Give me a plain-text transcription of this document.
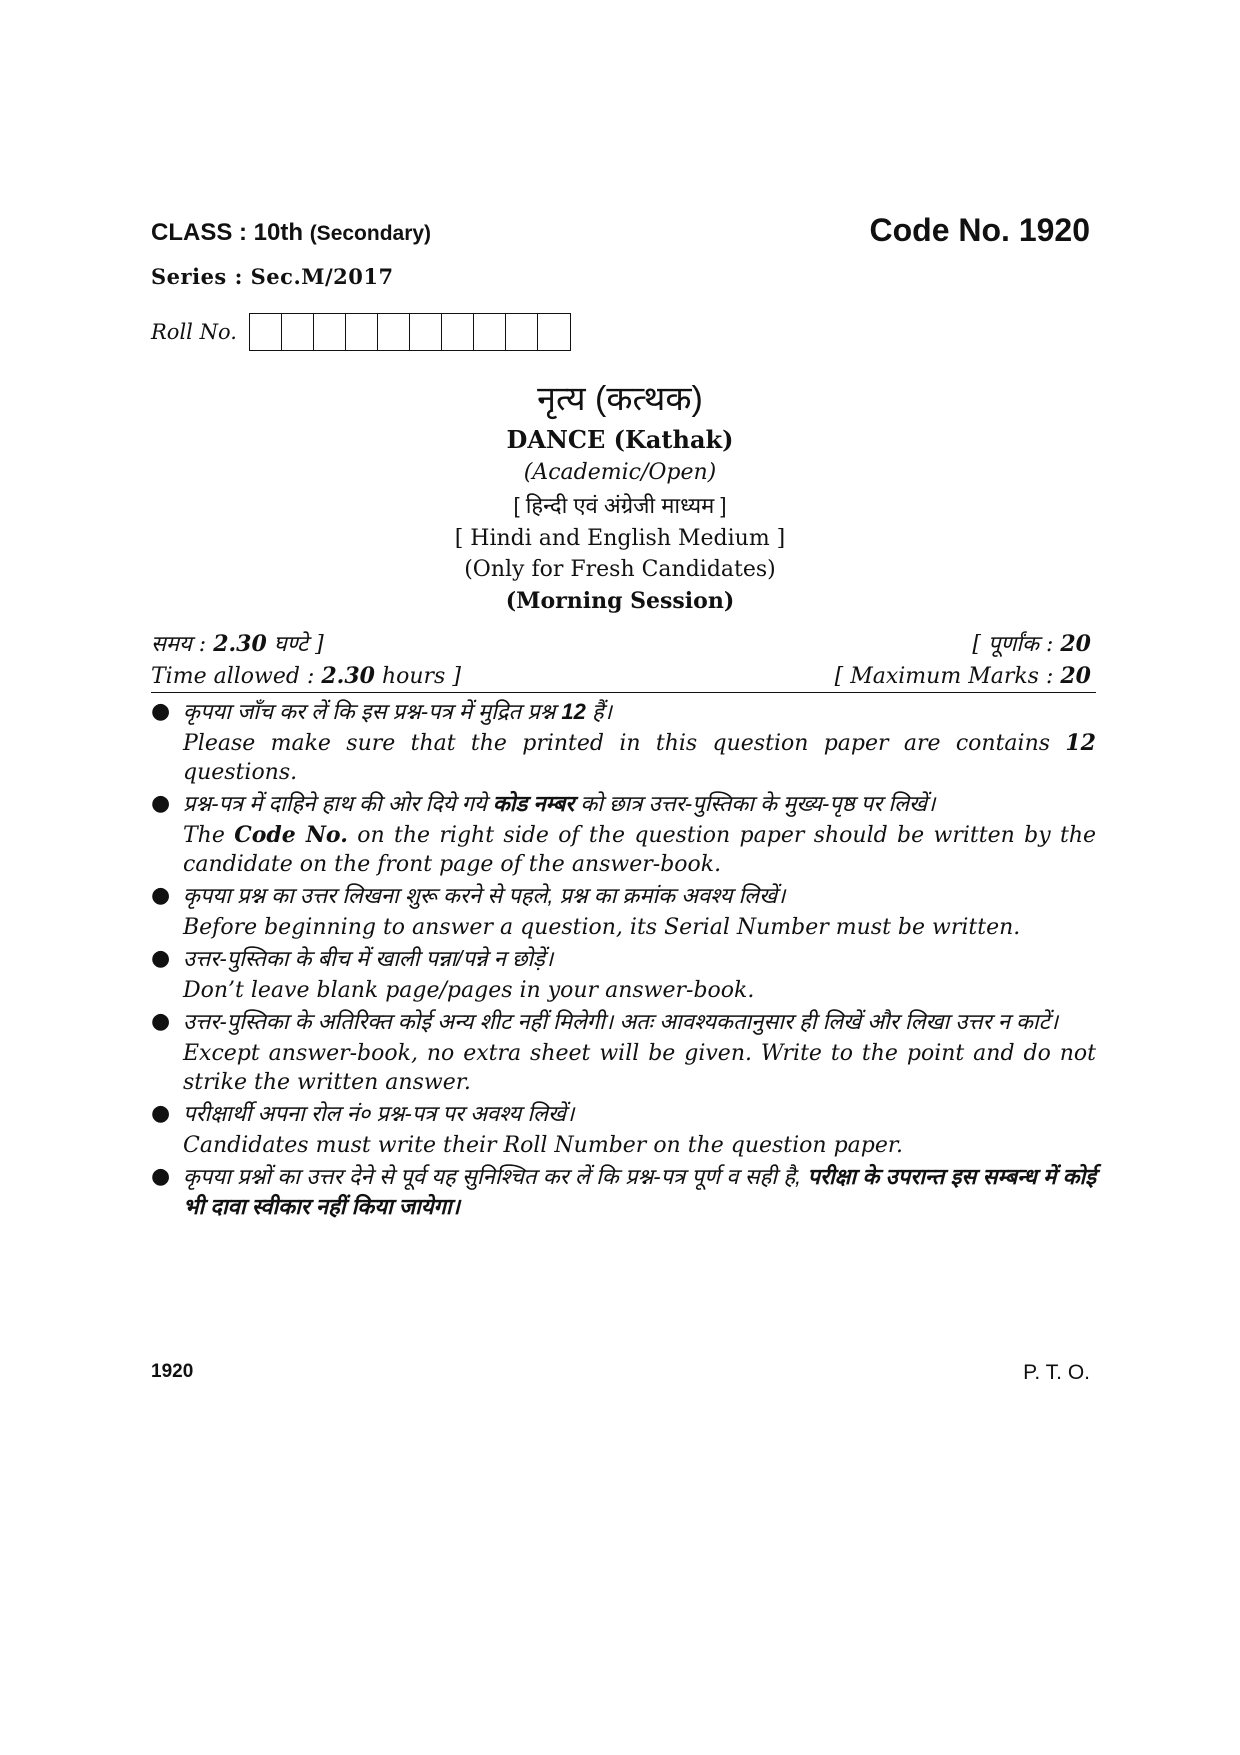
CLASS : 10th (Secondary)	Code No. 1920
Series : Sec.M/2017
Roll No.
नृत्य (कत्थक)
DANCE (Kathak)
(Academic/Open)
[ हिन्दी एवं अंग्रेजी माध्यम ]
[ Hindi and English Medium ]
(Only for Fresh Candidates)
(Morning Session)
समय : 2.30 घण्टे ]	[ पूर्णांक : 20
Time allowed : 2.30 hours ]	[ Maximum Marks : 20
● कृपया जाँच कर लें कि इस प्रश्न-पत्र में मुद्रित प्रश्न 12 हैं।
Please make sure that the printed in this question paper are contains 12 questions.
● प्रश्न-पत्र में दाहिने हाथ की ओर दिये गये कोड नम्बर को छात्र उत्तर-पुस्तिका के मुख्य-पृष्ठ पर लिखें।
The Code No. on the right side of the question paper should be written by the candidate on the front page of the answer-book.
● कृपया प्रश्न का उत्तर लिखना शुरू करने से पहले, प्रश्न का क्रमांक अवश्य लिखें।
Before beginning to answer a question, its Serial Number must be written.
● उत्तर-पुस्तिका के बीच में खाली पन्ना/पन्ने न छोड़ें।
Don’t leave blank page/pages in your answer-book.
● उत्तर-पुस्तिका के अतिरिक्त कोई अन्य शीट नहीं मिलेगी। अतः आवश्यकतानुसार ही लिखें और लिखा उत्तर न काटें।
Except answer-book, no extra sheet will be given. Write to the point and do not strike the written answer.
● परीक्षार्थी अपना रोल नं० प्रश्न-पत्र पर अवश्य लिखें।
Candidates must write their Roll Number on the question paper.
● कृपया प्रश्नों का उत्तर देने से पूर्व यह सुनिश्चित कर लें कि प्रश्न-पत्र पूर्ण व सही है, परीक्षा के उपरान्त इस सम्बन्ध में कोई भी दावा स्वीकार नहीं किया जायेगा।
1920	P. T. O.
